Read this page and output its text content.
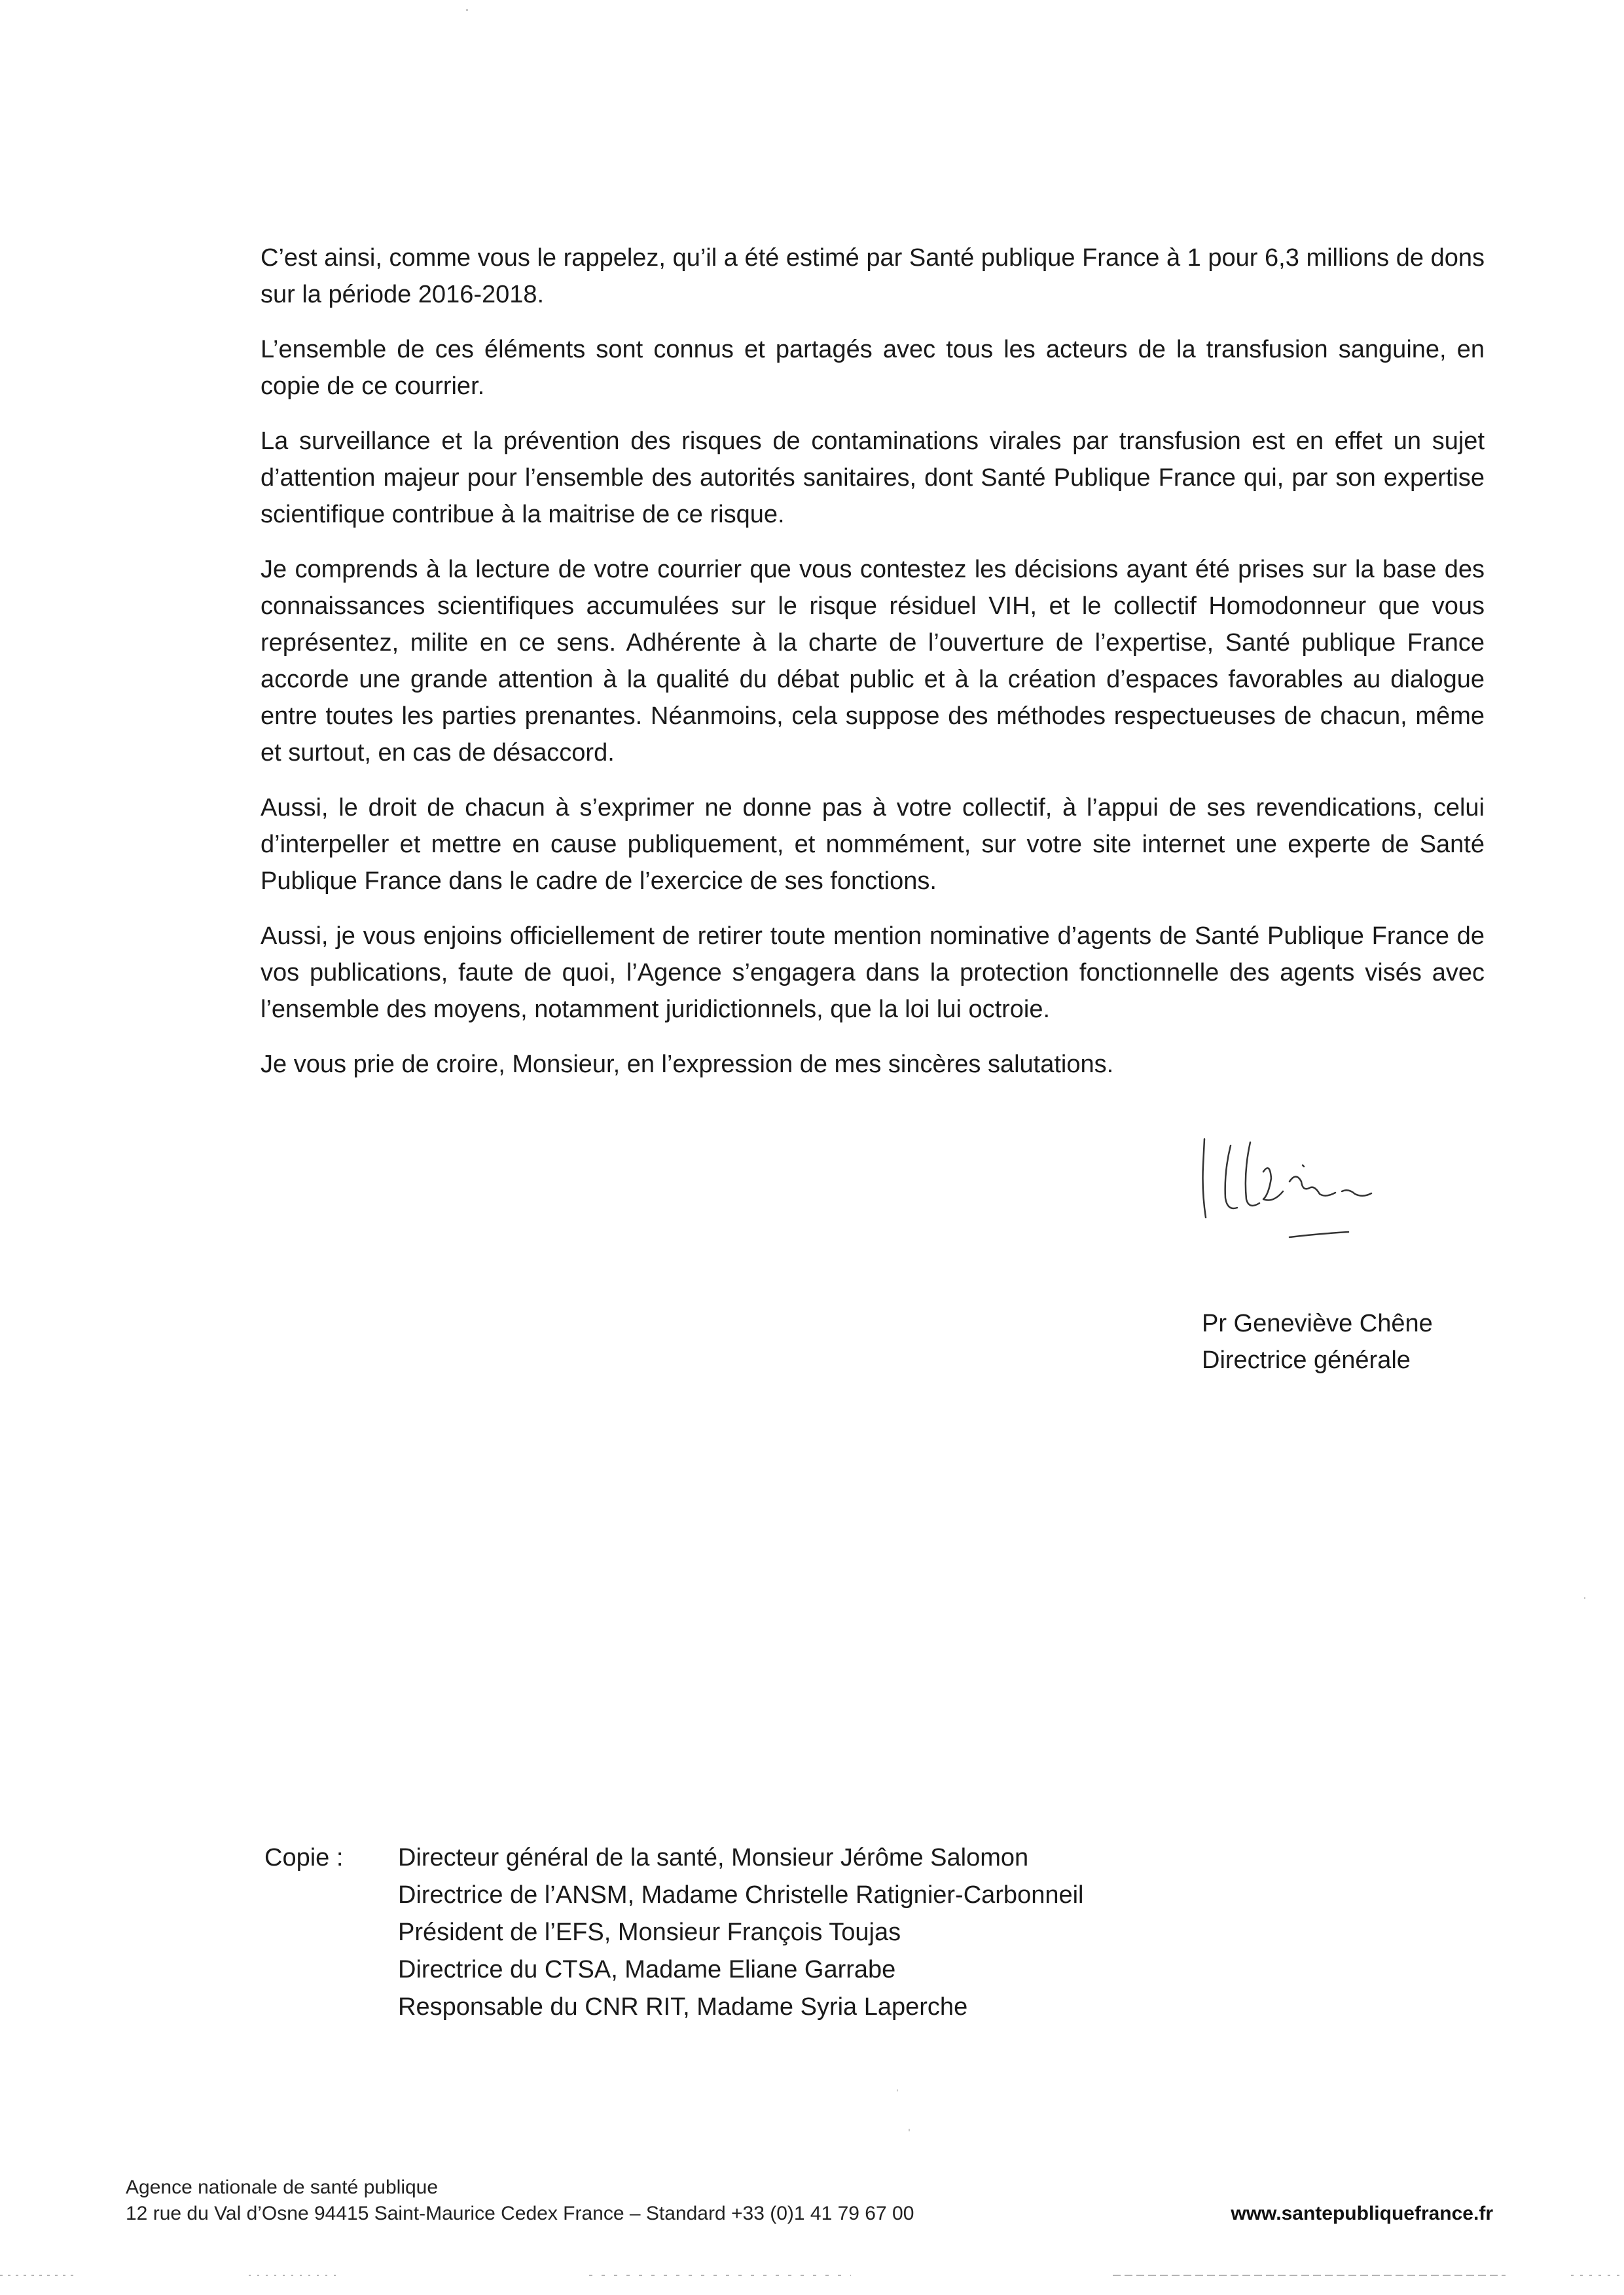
C’est ainsi, comme vous le rappelez, qu’il a été estimé par Santé publique France à 1 pour 6,3 millions de dons sur la période 2016-2018.

L’ensemble de ces éléments sont connus et partagés avec tous les acteurs de la transfusion sanguine, en copie de ce courrier.

La surveillance et la prévention des risques de contaminations virales par transfusion est en effet un sujet d’attention majeur pour l’ensemble des autorités sanitaires, dont Santé Publique France qui, par son expertise scientifique contribue à la maitrise de ce risque.

Je comprends à la lecture de votre courrier que vous contestez les décisions ayant été prises sur la base des connaissances scientifiques accumulées sur le risque résiduel VIH, et le collectif Homodonneur que vous représentez, milite en ce sens. Adhérente à la charte de l’ouverture de l’expertise, Santé publique France accorde une grande attention à la qualité du débat public et à la création d’espaces favorables au dialogue entre toutes les parties prenantes. Néanmoins, cela suppose des méthodes respectueuses de chacun, même et surtout, en cas de désaccord.

Aussi, le droit de chacun à s’exprimer ne donne pas à votre collectif, à l’appui de ses revendications, celui d’interpeller et mettre en cause publiquement, et nommément, sur votre site internet une experte de Santé Publique France dans le cadre de l’exercice de ses fonctions.

Aussi, je vous enjoins officiellement de retirer toute mention nominative d’agents de Santé Publique France de vos publications, faute de quoi, l’Agence s’engagera dans la protection fonctionnelle des agents visés avec l’ensemble des moyens, notamment juridictionnels, que la loi lui octroie.

Je vous prie de croire, Monsieur, en l’expression de mes sincères salutations.

Pr Geneviève Chêne
Directrice générale
Copie : Directeur général de la santé, Monsieur Jérôme Salomon
Directrice de l’ANSM, Madame Christelle Ratignier-Carbonneil
Président de l’EFS, Monsieur François Toujas
Directrice du CTSA, Madame Eliane Garrabe
Responsable du CNR RIT, Madame Syria Laperche
Agence nationale de santé publique
12 rue du Val d’Osne 94415 Saint-Maurice Cedex France – Standard +33 (0)1 41 79 67 00	www.santepubliquefrance.fr
